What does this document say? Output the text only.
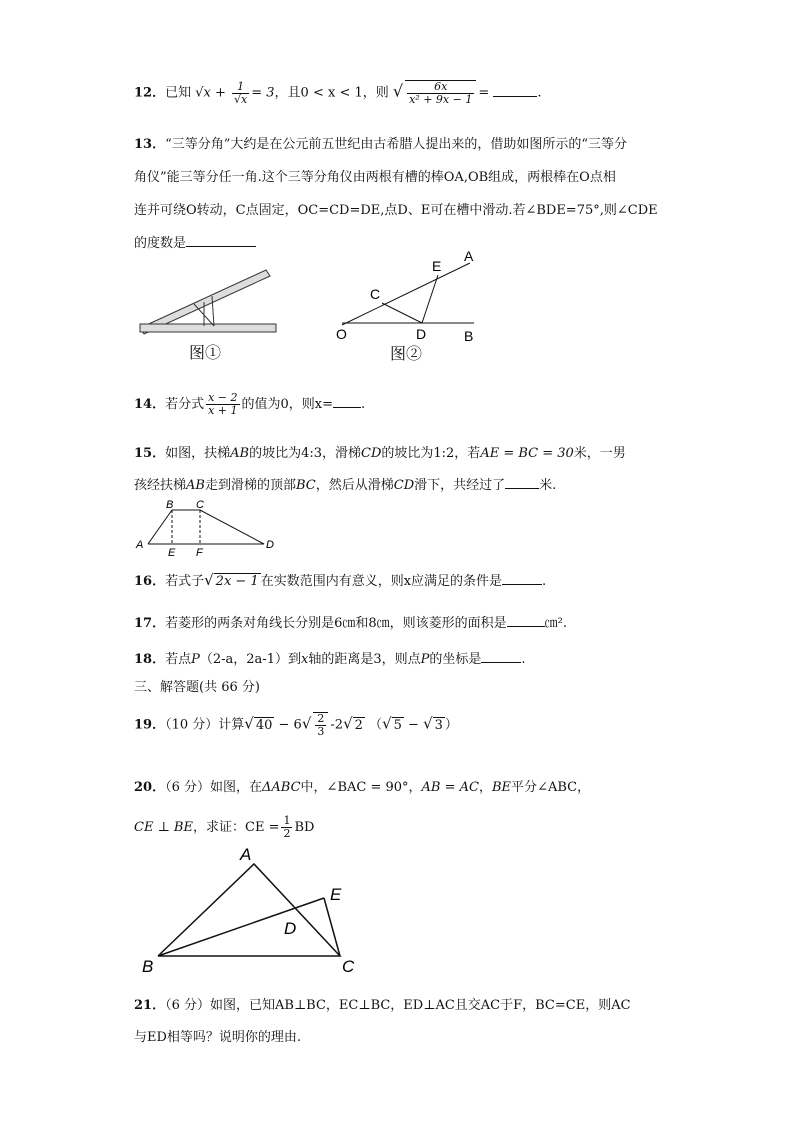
12．已知 $√x + \frac{1}{√x} = 3$，且0 < x < 1，则 √ $\frac{6x}{\text{x² + 9x − 1}}$ =	.
13．“三等分角”大约是在公元前五世纪由古希腊人提出来的，借助如图所示的“三等分
角仪”能三等分任一角.这个三等分角仪由两根有槽的棒OA,OB组成，两根棒在O点相
连并可绕O转动，C点固定，OC=CD=DE,点D、E可在槽中滑动.若∠BDE=75°,则∠CDE
的度数是
图①
A
B
C
D
E
O
图②
14．若分式 $\frac{x - 2}{x + 1}$ 的值为0，则x= .
15．如图，扶梯AB的坡比为4:3，滑梯CD的坡比为1:2，若AE = BC = 30米，一男
孩经扶梯AB走到滑梯的顶部BC，然后从滑梯CD滑下，共经过了	米.
A
B C
D
E F
16．若式子√ 2x − 1 在实数范围内有意义，则x应满足的条件是	.
17．若菱形的两条对角线长分别是6㎝和8㎝，则该菱形的面积是	㎝².
18．若点P（2-a，2a-1）到x轴的距离是3，则点P的坐标是	.
三、解答题(共 66 分)
19．（10 分）计算√ $40 - 6√ \frac{2}{3} -2√$ 2 （√ 5 − √ 3 ）
20．（6 分）如图，在ΔABC中，∠BAC = 90°，AB = AC，BE平分∠ABC，
CE ⊥ BE，求证：CE = $\frac{1}{2}$ BD
A
B	C
D
E
21．（6 分）如图，已知AB⊥BC，EC⊥BC，ED⊥AC且交AC于F，BC=CE，则AC
与ED相等吗？说明你的理由.
